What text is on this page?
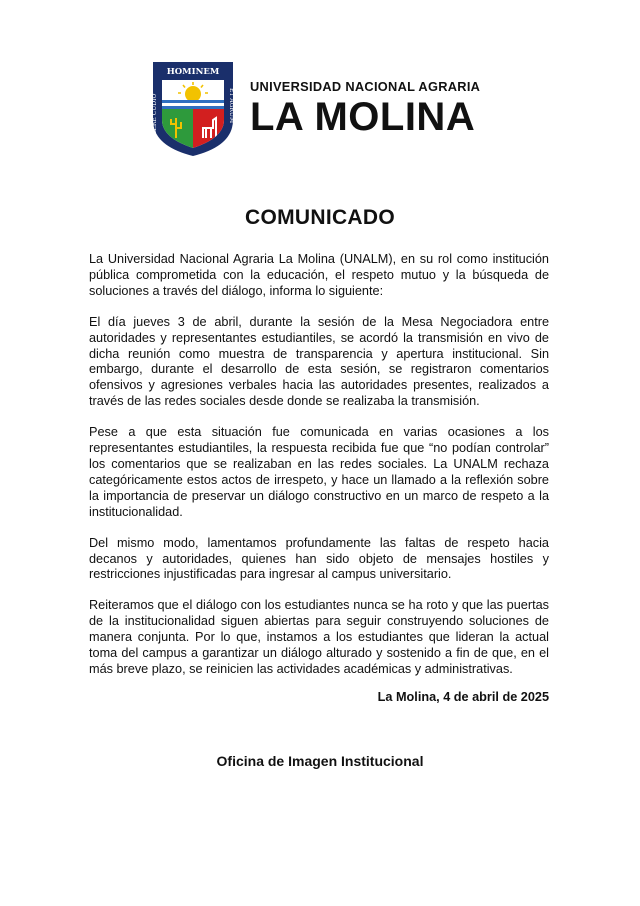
HOMINEM
ET AGRUM
COLERE CUDIO
UNIVERSIDAD NACIONAL AGRARIA
LA MOLINA
COMUNICADO

La Universidad Nacional Agraria La Molina (UNALM), en su rol como institución pública comprometida con la educación, el respeto mutuo y la búsqueda de soluciones a través del diálogo, informa lo siguiente:

El día jueves 3 de abril, durante la sesión de la Mesa Negociadora entre autoridades y representantes estudiantiles, se acordó la transmisión en vivo de dicha reunión como muestra de transparencia y apertura institucional. Sin embargo, durante el desarrollo de esta sesión, se registraron comentarios ofensivos y agresiones verbales hacia las autoridades presentes, realizados a través de las redes sociales desde donde se realizaba la transmisión.

Pese a que esta situación fue comunicada en varias ocasiones a los representantes estudiantiles, la respuesta recibida fue que “no podían controlar” los comentarios que se realizaban en las redes sociales. La UNALM rechaza categóricamente estos actos de irrespeto, y hace un llamado a la reflexión sobre la importancia de preservar un diálogo constructivo en un marco de respeto a la institucionalidad.

Del mismo modo, lamentamos profundamente las faltas de respeto hacia decanos y autoridades, quienes han sido objeto de mensajes hostiles y restricciones injustificadas para ingresar al campus universitario.

Reiteramos que el diálogo con los estudiantes nunca se ha roto y que las puertas de la institucionalidad siguen abiertas para seguir construyendo soluciones de manera conjunta. Por lo que, instamos a los estudiantes que lideran la actual toma del campus a garantizar un diálogo alturado y sostenido a fin de que, en el más breve plazo, se reinicien las actividades académicas y administrativas.

La Molina, 4 de abril de 2025
Oficina de Imagen Institucional
